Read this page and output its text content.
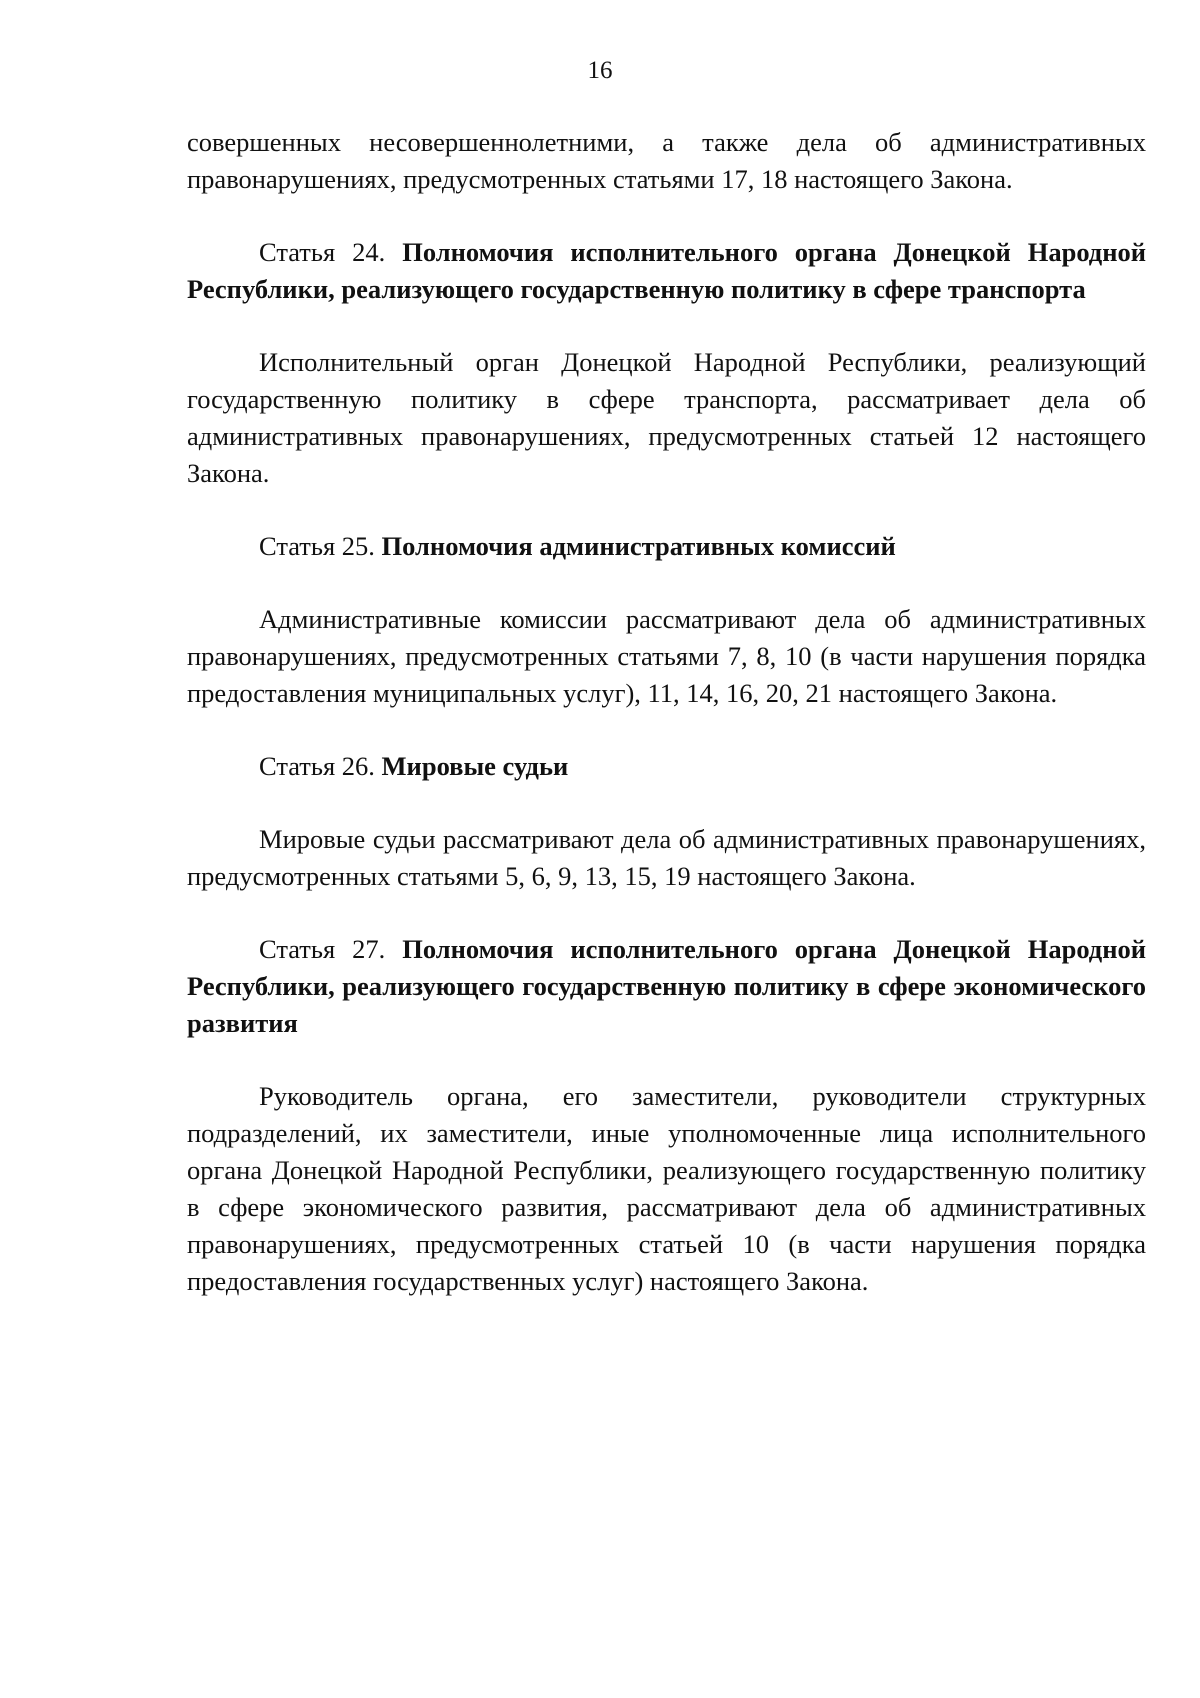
16

совершенных несовершеннолетними, а также дела об административных правонарушениях, предусмотренных статьями 17, 18 настоящего Закона.

Статья 24. Полномочия исполнительного органа Донецкой Народной Республики, реализующего государственную политику в сфере транспорта

Исполнительный орган Донецкой Народной Республики, реализующий государственную политику в сфере транспорта, рассматривает дела об административных правонарушениях, предусмотренных статьей 12 настоящего Закона.

Статья 25. Полномочия административных комиссий

Административные комиссии рассматривают дела об административных правонарушениях, предусмотренных статьями 7, 8, 10 (в части нарушения порядка предоставления муниципальных услуг), 11, 14, 16, 20, 21 настоящего Закона.

Статья 26. Мировые судьи

Мировые судьи рассматривают дела об административных правонарушениях, предусмотренных статьями 5, 6, 9, 13, 15, 19 настоящего Закона.

Статья 27. Полномочия исполнительного органа Донецкой Народной Республики, реализующего государственную политику в сфере экономического развития

Руководитель органа, его заместители, руководители структурных подразделений, их заместители, иные уполномоченные лица исполнительного органа Донецкой Народной Республики, реализующего государственную политику в сфере экономического развития, рассматривают дела об административных правонарушениях, предусмотренных статьей 10 (в части нарушения порядка предоставления государственных услуг) настоящего Закона.
